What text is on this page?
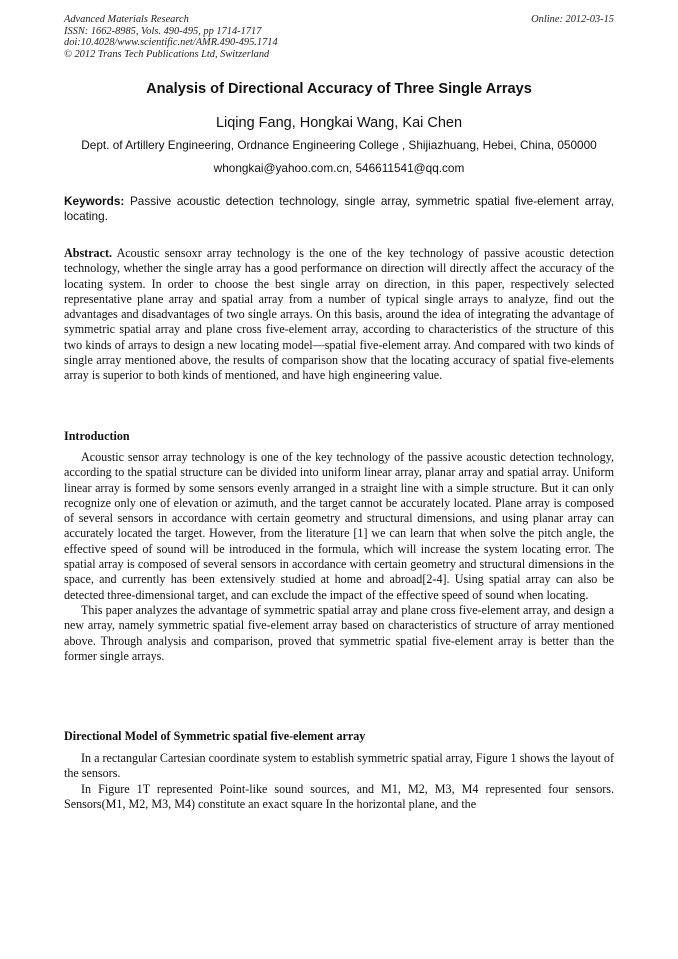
Advanced Materials Research
ISSN: 1662-8985, Vols. 490-495, pp 1714-1717
doi:10.4028/www.scientific.net/AMR.490-495.1714
© 2012 Trans Tech Publications Ltd, Switzerland
Online: 2012-03-15
Analysis of Directional Accuracy of Three Single Arrays
Liqing Fang, Hongkai Wang, Kai Chen
Dept. of Artillery Engineering, Ordnance Engineering College , Shijiazhuang, Hebei, China, 050000
whongkai@yahoo.com.cn, 546611541@qq.com
Keywords: Passive acoustic detection technology, single array, symmetric spatial five-element array, locating.

Abstract. Acoustic sensoxr array technology is the one of the key technology of passive acoustic detection technology, whether the single array has a good performance on direction will directly affect the accuracy of the locating system. In order to choose the best single array on direction, in this paper, respectively selected representative plane array and spatial array from a number of typical single arrays to analyze, find out the advantages and disadvantages of two single arrays. On this basis, around the idea of integrating the advantage of symmetric spatial array and plane cross five-element array, according to characteristics of the structure of this two kinds of arrays to design a new locating model—spatial five-element array. And compared with two kinds of single array mentioned above, the results of comparison show that the locating accuracy of spatial five-elements array is superior to both kinds of mentioned, and have high engineering value.

Introduction

Acoustic sensor array technology is one of the key technology of the passive acoustic detection technology, according to the spatial structure can be divided into uniform linear array, planar array and spatial array. Uniform linear array is formed by some sensors evenly arranged in a straight line with a simple structure. But it can only recognize only one of elevation or azimuth, and the target cannot be accurately located. Plane array is composed of several sensors in accordance with certain geometry and structural dimensions, and using planar array can accurately located the target. However, from the literature [1] we can learn that when solve the pitch angle, the effective speed of sound will be introduced in the formula, which will increase the system locating error. The spatial array is composed of several sensors in accordance with certain geometry and structural dimensions in the space, and currently has been extensively studied at home and abroad[2-4]. Using spatial array can also be detected three-dimensional target, and can exclude the impact of the effective speed of sound when locating.

This paper analyzes the advantage of symmetric spatial array and plane cross five-element array, and design a new array, namely symmetric spatial five-element array based on characteristics of structure of array mentioned above. Through analysis and comparison, proved that symmetric spatial five-element array is better than the former single arrays.

Directional Model of Symmetric spatial five-element array

In a rectangular Cartesian coordinate system to establish symmetric spatial array, Figure 1 shows the layout of the sensors.

In Figure 1T represented Point-like sound sources, and M1, M2, M3, M4 represented four sensors. Sensors(M1, M2, M3, M4) constitute an exact square In the horizontal plane, and the
